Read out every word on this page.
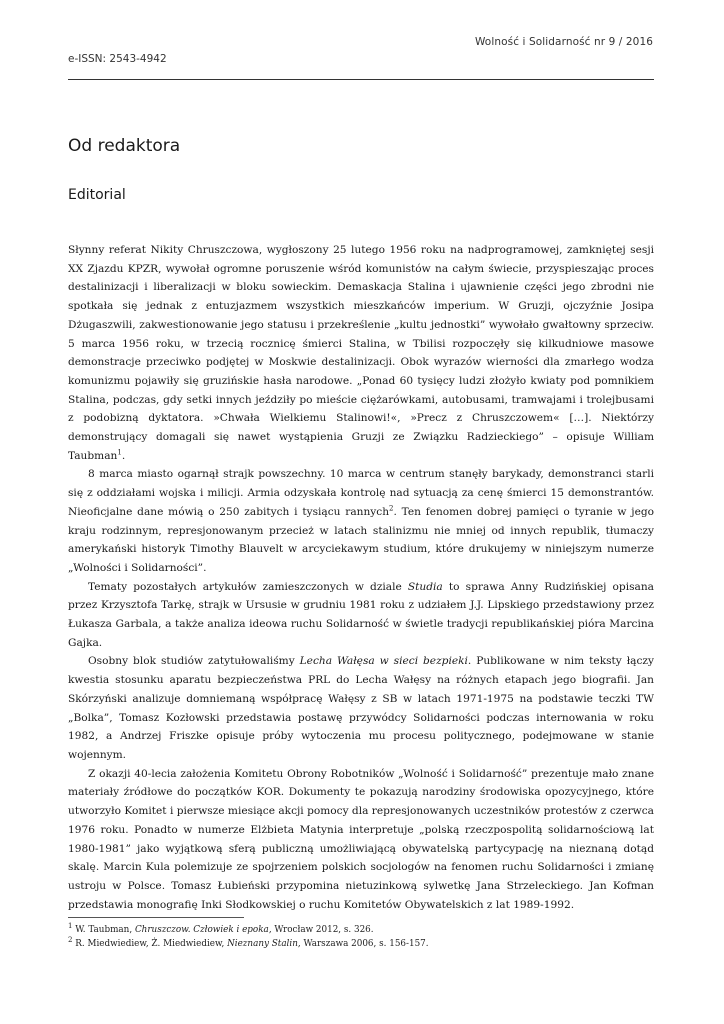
Wolność i Solidarność nr 9 / 2016
e-ISSN: 2543-4942
Od redaktora
Editorial

Słynny referat Nikity Chruszczowa, wygłoszony 25 lutego 1956 roku na nadprogramowej, zamkniętej sesji XX Zjazdu KPZR, wywołał ogromne poruszenie wśród komunistów na całym świecie, przyspieszając proces destalinizacji i liberalizacji w bloku sowieckim. Demaskacja Stalina i ujawnienie części jego zbrodni nie spotkała się jednak z entuzjazmem wszystkich mieszkańców imperium. W Gruzji, ojczyźnie Josipa Dżugaszwili, zakwestionowanie jego statusu i przekreślenie „kultu jednostki” wywołało gwałtowny sprzeciw. 5 marca 1956 roku, w trzecią rocznicę śmierci Stalina, w Tbilisi rozpoczęły się kilkudniowe masowe demonstracje przeciwko podjętej w Moskwie destalinizacji. Obok wyrazów wierności dla zmarłego wodza komunizmu pojawiły się gruzińskie hasła narodowe. „Ponad 60 tysięcy ludzi złożyło kwiaty pod pomnikiem Stalina, podczas, gdy setki innych jeździły po mieście ciężarówkami, autobusami, tramwajami i trolejbusami z podobizną dyktatora. »Chwała Wielkiemu Stalinowi!«, »Precz z Chruszczowem« […]. Niektórzy demonstrujący domagali się nawet wystąpienia Gruzji ze Związku Radzieckiego” – opisuje William Taubman$^1$.

8 marca miasto ogarnął strajk powszechny. 10 marca w centrum stanęły barykady, demonstranci starli się z oddziałami wojska i milicji. Armia odzyskała kontrolę nad sytuacją za cenę śmierci 15 demonstrantów. Nieoficjalne dane mówią o 250 zabitych i tysiącu rannych$^2$. Ten fenomen dobrej pamięci o tyranie w jego kraju rodzinnym, represjonowanym przecież w latach stalinizmu nie mniej od innych republik, tłumaczy amerykański historyk Timothy Blauvelt w arcyciekawym studium, które drukujemy w niniejszym numerze „Wolności i Solidarności”.

Tematy pozostałych artykułów zamieszczonych w dziale Studia to sprawa Anny Rudzińskiej opisana przez Krzysztofa Tarkę, strajk w Ursusie w grudniu 1981 roku z udziałem J.J. Lipskiego przedstawiony przez Łukasza Garbala, a także analiza ideowa ruchu Solidarność w świetle tradycji republikańskiej pióra Marcina Gajka.

Osobny blok studiów zatytułowaliśmy Lecha Wałęsa w sieci bezpieki. Publikowane w nim teksty łączy kwestia stosunku aparatu bezpieczeństwa PRL do Lecha Wałęsy na różnych etapach jego biografii. Jan Skórzyński analizuje domniemaną współpracę Wałęsy z SB w latach 1971-1975 na podstawie teczki TW „Bolka”, Tomasz Kozłowski przedstawia postawę przywódcy Solidarności podczas internowania w roku 1982, a Andrzej Friszke opisuje próby wytoczenia mu procesu politycznego, podejmowane w stanie wojennym.

Z okazji 40-lecia założenia Komitetu Obrony Robotników „Wolność i Solidarność” prezentuje mało znane materiały źródłowe do początków KOR. Dokumenty te pokazują narodziny środowiska opozycyjnego, które utworzyło Komitet i pierwsze miesiące akcji pomocy dla represjonowanych uczestników protestów z czerwca 1976 roku. Ponadto w numerze Elżbieta Matynia interpretuje „polską rzeczpospolitą solidarnościową lat 1980-1981” jako wyjątkową sferą publiczną umożliwiającą obywatelską partycypację na nieznaną dotąd skalę. Marcin Kula polemizuje ze spojrzeniem polskich socjologów na fenomen ruchu Solidarności i zmianę ustroju w Polsce. Tomasz Łubieński przypomina nietuzinkową sylwetkę Jana Strzeleckiego. Jan Kofman przedstawia monografię Inki Słodkowskiej o ruchu Komitetów Obywatelskich z lat 1989-1992.

$^1$ W. Taubman, Chruszczow. Człowiek i epoka, Wrocław 2012, s. 326.
$^2$ R. Miedwiediew, Ż. Miedwiediew, Nieznany Stalin, Warszawa 2006, s. 156-157.
